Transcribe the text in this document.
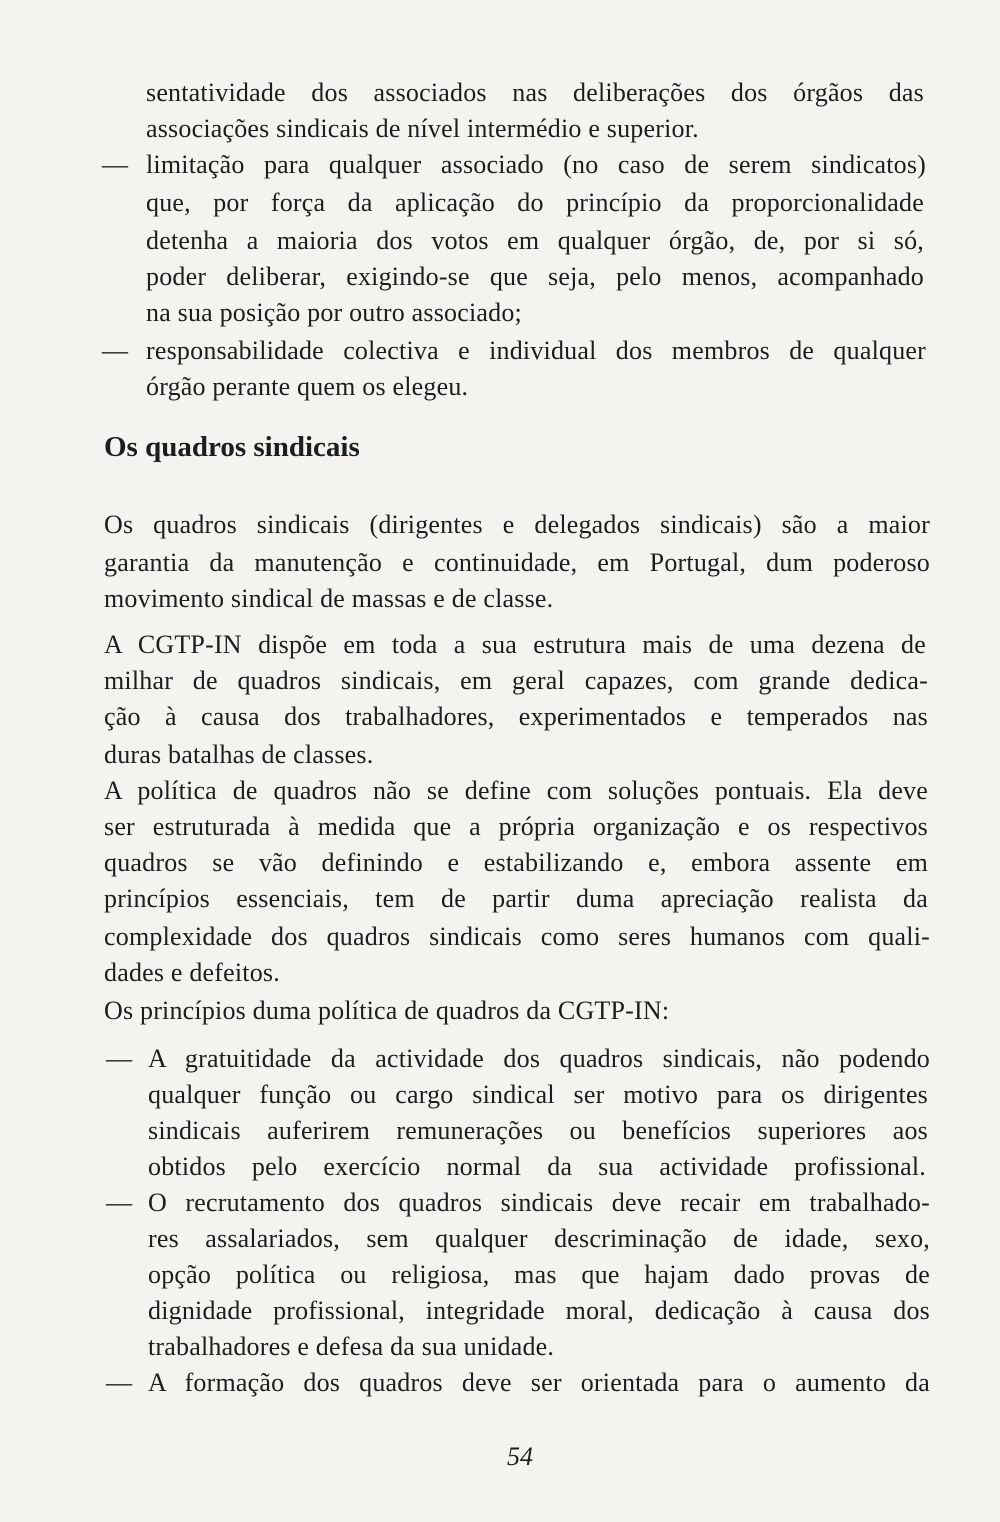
sentatividade dos associados nas deliberações dos órgãos das
associações sindicais de nível intermédio e superior.
— limitação para qualquer associado (no caso de serem sindicatos)
que, por força da aplicação do princípio da proporcionalidade
detenha a maioria dos votos em qualquer órgão, de, por si só,
poder deliberar, exigindo-se que seja, pelo menos, acompanhado
na sua posição por outro associado;
— responsabilidade colectiva e individual dos membros de qualquer
órgão perante quem os elegeu.
Os quadros sindicais
Os quadros sindicais (dirigentes e delegados sindicais) são a maior
garantia da manutenção e continuidade, em Portugal, dum poderoso
movimento sindical de massas e de classe.
A CGTP-IN dispõe em toda a sua estrutura mais de uma dezena de
milhar de quadros sindicais, em geral capazes, com grande dedica-
ção à causa dos trabalhadores, experimentados e temperados nas
duras batalhas de classes.
A política de quadros não se define com soluções pontuais. Ela deve
ser estruturada à medida que a própria organização e os respectivos
quadros se vão definindo e estabilizando e, embora assente em
princípios essenciais, tem de partir duma apreciação realista da
complexidade dos quadros sindicais como seres humanos com quali-
dades e defeitos.
Os princípios duma política de quadros da CGTP-IN:
— A gratuitidade da actividade dos quadros sindicais, não podendo
qualquer função ou cargo sindical ser motivo para os dirigentes
sindicais auferirem remunerações ou benefícios superiores aos
obtidos pelo exercício normal da sua actividade profissional.
— O recrutamento dos quadros sindicais deve recair em trabalhado-
res assalariados, sem qualquer descriminação de idade, sexo,
opção política ou religiosa, mas que hajam dado provas de
dignidade profissional, integridade moral, dedicação à causa dos
trabalhadores e defesa da sua unidade.
— A formação dos quadros deve ser orientada para o aumento da
54
